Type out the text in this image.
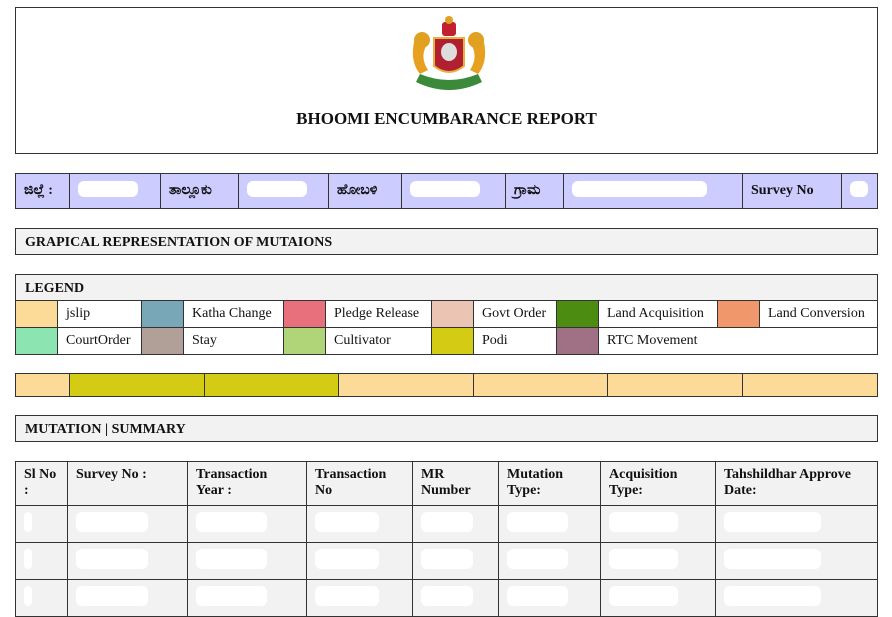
BHOOMI ENCUMBARANCE REPORT
ಜಿಲ್ಲೆ :		ತಾಲ್ಲೂಕು		ಹೋಬಳಿ		ಗ್ರಾಮ		Survey No	
GRAPICAL REPRESENTATION OF MUTAIONS
LEGEND
	jslip		Katha Change		Pledge Release		Govt Order		Land Acquisition		Land Conversion
	CourtOrder		Stay		Cultivator		Podi		RTC Movement		

MUTATION | SUMMARY
Sl No :	Survey No :	Transaction Year :	Transaction No	MR Number	Mutation Type:	Acquisition Type:	Tahshildhar Approve Date:
